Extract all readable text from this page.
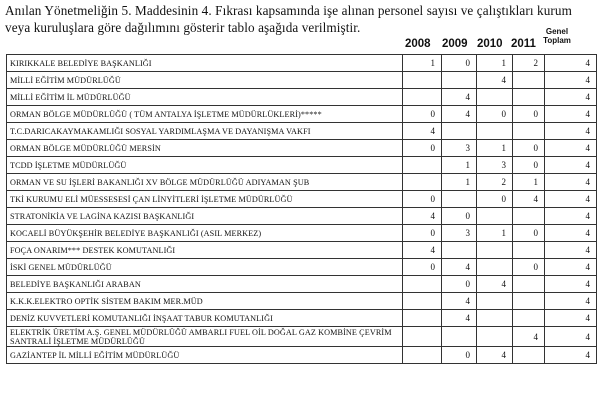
Anılan Yönetmeliğin 5. Maddesinin 4. Fıkrası kapsamında işe alınan personel sayısı ve çalıştıkları kurum veya kuruluşlara göre dağılımını gösterir tablo aşağıda verilmiştir.
2008 2009 2010 2011
Genel Toplam
KIRIKKALE BELEDİYE BAŞKANLIĞI	1	0	1	2	4
MİLLİ EĞİTİM MÜDÜRLÜĞÜ			4		4
MİLLİ EĞİTİM İL MÜDÜRLÜĞÜ		4			4
ORMAN BÖLGE MÜDÜRLÜĞÜ ( TÜM ANTALYA İŞLETME MÜDÜRLÜKLERİ)*****	0	4	0	0	4
T.C.DARICAKAYMAKAMLIĞI SOSYAL YARDIMLAŞMA VE DAYANIŞMA VAKFI	4				4
ORMAN BÖLGE MÜDÜRLÜĞÜ MERSİN	0	3	1	0	4
TCDD İŞLETME MÜDÜRLÜĞÜ		1	3	0	4
ORMAN VE SU İŞLERİ BAKANLIĞI XV BÖLGE MÜDÜRLÜĞÜ ADIYAMAN ŞUB		1	2	1	4
TKİ KURUMU ELİ MÜESSESESİ ÇAN LİNYİTLERİ İŞLETME MÜDÜRLÜĞÜ	0		0	4	4
STRATONİKİA VE LAGİNA KAZISI BAŞKANLIĞI	4	0			4
KOCAELİ BÜYÜKŞEHİR BELEDİYE BAŞKANLIĞI (ASIL MERKEZ)	0	3	1	0	4
FOÇA ONARIM*** DESTEK KOMUTANLIĞI	4				4
İSKİ GENEL MÜDÜRLÜĞÜ	0	4		0	4
BELEDİYE BAŞKANLIĞI ARABAN		0	4		4
K.K.K.ELEKTRO OPTİK SİSTEM BAKIM MER.MÜD		4			4
DENİZ KUVVETLERİ KOMUTANLIĞI İNŞAAT TABUR KOMUTANLIĞI		4			4
ELEKTRİK ÜRETİM A.Ş. GENEL MÜDÜRLÜĞÜ AMBARLI FUEL OİL DOĞAL GAZ KOMBİNE ÇEVRİM SANTRALİ İŞLETME MÜDÜRLÜĞÜ				4	4
GAZİANTEP İL MİLLİ EĞİTİM MÜDÜRLÜĞÜ		0	4		4
